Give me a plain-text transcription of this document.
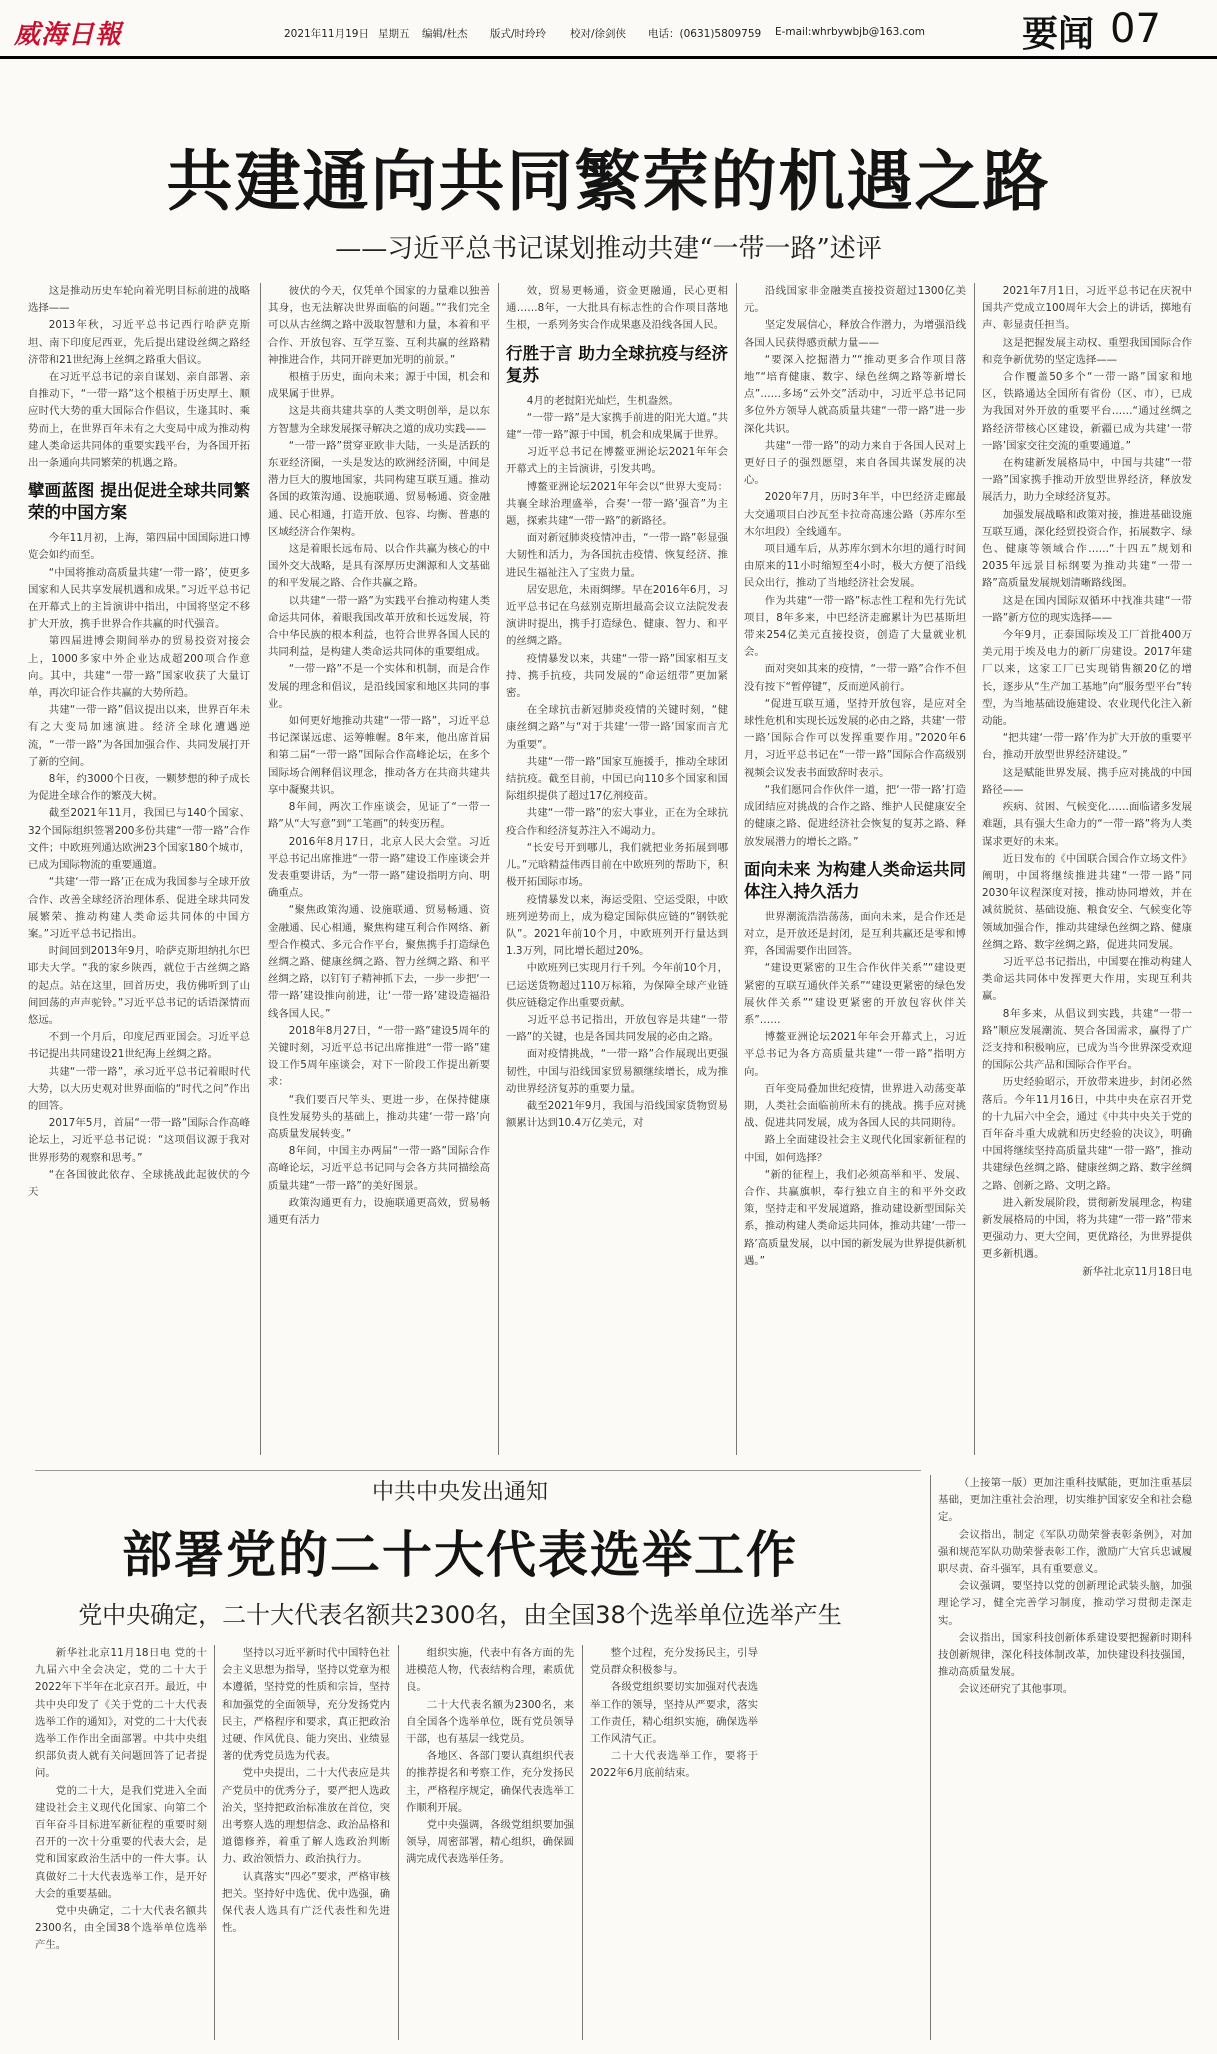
威海日報	2021年11月19日 星期五 编辑/杜杰 版式/时玲玲 校对/徐剑侠 电话：(0631)5809759 E-mail:whrbywbjb@163.com	要闻 07
共建通向共同繁荣的机遇之路
——习近平总书记谋划推动共建“一带一路”述评

这是推动历史车轮向着光明目标前进的战略选择——

2013年秋，习近平总书记西行哈萨克斯坦、南下印度尼西亚，先后提出建设丝绸之路经济带和21世纪海上丝绸之路重大倡议。

在习近平总书记的亲自谋划、亲自部署、亲自推动下，“一带一路”这个根植于历史厚土、顺应时代大势的重大国际合作倡议，生逢其时、乘势而上，在世界百年未有之大变局中成为推动构建人类命运共同体的重要实践平台，为各国开拓出一条通向共同繁荣的机遇之路。

擘画蓝图 提出促进全球共同繁荣的中国方案

今年11月初，上海，第四届中国国际进口博览会如约而至。

“中国将推动高质量共建‘一带一路’，使更多国家和人民共享发展机遇和成果。”习近平总书记在开幕式上的主旨演讲中指出，中国将坚定不移扩大开放，携手世界合作共赢的时代强音。

第四届进博会期间举办的贸易投资对接会上，1000多家中外企业达成超200项合作意向。其中，共建“一带一路”国家收获了大量订单，再次印证合作共赢的大势所趋。

共建“一带一路”倡议提出以来，世界百年未有之大变局加速演进。经济全球化遭遇逆流，“一带一路”为各国加强合作、共同发展打开了新的空间。

8年，约3000个日夜，一颗梦想的种子成长为促进全球合作的繁茂大树。

截至2021年11月，我国已与140个国家、32个国际组织签署200多份共建“一带一路”合作文件；中欧班列通达欧洲23个国家180个城市，已成为国际物流的重要通道。

“共建‘一带一路’正在成为我国参与全球开放合作、改善全球经济治理体系、促进全球共同发展繁荣、推动构建人类命运共同体的中国方案。”习近平总书记指出。

时间回到2013年9月，哈萨克斯坦纳扎尔巴耶夫大学。“我的家乡陕西，就位于古丝绸之路的起点。站在这里，回首历史，我仿佛听到了山间回荡的声声驼铃。”习近平总书记的话语深情而悠远。

不到一个月后，印度尼西亚国会。习近平总书记提出共同建设21世纪海上丝绸之路。

共建“一带一路”，承习近平总书记着眼时代大势，以大历史观对世界面临的“时代之问”作出的回答。

2017年5月，首届“一带一路”国际合作高峰论坛上，习近平总书记说：“这项倡议源于我对世界形势的观察和思考。”

“在各国彼此依存、全球挑战此起彼伏的今天

彼伏的今天，仅凭单个国家的力量难以独善其身，也无法解决世界面临的问题。”“我们完全可以从古丝绸之路中汲取智慧和力量，本着和平合作、开放包容、互学互鉴、互利共赢的丝路精神推进合作，共同开辟更加光明的前景。”

根植于历史，面向未来；源于中国，机会和成果属于世界。

这是共商共建共享的人类文明创举，是以东方智慧为全球发展探寻解决之道的成功实践——

“一带一路”贯穿亚欧非大陆，一头是活跃的东亚经济圈，一头是发达的欧洲经济圈，中间是潜力巨大的腹地国家，共同构建互联互通。推动各国的政策沟通、设施联通、贸易畅通、资金融通、民心相通，打造开放、包容、均衡、普惠的区域经济合作架构。

这是着眼长远布局、以合作共赢为核心的中国外交大战略，是具有深厚历史渊源和人文基础的和平发展之路、合作共赢之路。

以共建“一带一路”为实践平台推动构建人类命运共同体，着眼我国改革开放和长远发展，符合中华民族的根本利益，也符合世界各国人民的共同利益，是构建人类命运共同体的重要组成。

“一带一路”不是一个实体和机制，而是合作发展的理念和倡议，是沿线国家和地区共同的事业。

如何更好地推动共建“一带一路”，习近平总书记深谋远虑、运筹帷幄。8年来，他出席首届和第二届“一带一路”国际合作高峰论坛，在多个国际场合阐释倡议理念，推动各方在共商共建共享中凝聚共识。

8年间，两次工作座谈会，见证了“一带一路”从“大写意”到“工笔画”的转变历程。

2016年8月17日，北京人民大会堂。习近平总书记出席推进“一带一路”建设工作座谈会并发表重要讲话，为“一带一路”建设指明方向、明确重点。

“聚焦政策沟通、设施联通、贸易畅通、资金融通、民心相通，聚焦构建互利合作网络、新型合作模式、多元合作平台，聚焦携手打造绿色丝绸之路、健康丝绸之路、智力丝绸之路、和平丝绸之路，以钉钉子精神抓下去，一步一步把‘一带一路’建设推向前进，让‘一带一路’建设造福沿线各国人民。”

2018年8月27日，“一带一路”建设5周年的关键时刻，习近平总书记出席推进“一带一路”建设工作5周年座谈会，对下一阶段工作提出新要求：

“我们要百尺竿头、更进一步，在保持健康良性发展势头的基础上，推动共建‘一带一路’向高质量发展转变。”

8年间，中国主办两届“一带一路”国际合作高峰论坛，习近平总书记同与会各方共同描绘高质量共建“一带一路”的美好图景。

政策沟通更有力，设施联通更高效，贸易畅通更有活力

效，贸易更畅通，资金更融通，民心更相通……8年，一大批具有标志性的合作项目落地生根，一系列务实合作成果惠及沿线各国人民。

行胜于言 助力全球抗疫与经济复苏

4月的老挝阳光灿烂，生机盎然。

“一带一路”是大家携手前进的阳光大道。”共建“一带一路”源于中国，机会和成果属于世界。

习近平总书记在博鳌亚洲论坛2021年年会开幕式上的主旨演讲，引发共鸣。

博鳌亚洲论坛2021年年会以“世界大变局：共襄全球治理盛举，合奏‘一带一路’强音”为主题，探索共建“一带一路”的新路径。

面对新冠肺炎疫情冲击，“一带一路”彰显强大韧性和活力，为各国抗击疫情、恢复经济、推进民生福祉注入了宝贵力量。

居安思危，未雨绸缪。早在2016年6月，习近平总书记在乌兹别克斯坦最高会议立法院发表演讲时提出，携手打造绿色、健康、智力、和平的丝绸之路。

疫情暴发以来，共建“一带一路”国家相互支持、携手抗疫，共同发展的“命运纽带”更加紧密。

在全球抗击新冠肺炎疫情的关键时刻，“健康丝绸之路”与“对于共建‘一带一路’国家而言尤为重要”。

共建“一带一路”国家互施援手，推动全球团结抗疫。截至目前，中国已向110多个国家和国际组织提供了超过17亿剂疫苗。

共建“一带一路”的宏大事业，正在为全球抗疫合作和经济复苏注入不竭动力。

“长安号开到哪儿，我们就把业务拓展到哪儿。”元晗精益伟西目前在中欧班列的帮助下，积极开拓国际市场。

疫情暴发以来，海运受阻、空运受限，中欧班列逆势而上，成为稳定国际供应链的“钢铁驼队”。2021年前10个月，中欧班列开行量达到1.3万列，同比增长超过20%。

中欧班列已实现月行千列。今年前10个月，已运送货物超过110万标箱，为保障全球产业链供应链稳定作出重要贡献。

习近平总书记指出，开放包容是共建“一带一路”的关键，也是各国共同发展的必由之路。

面对疫情挑战，“一带一路”合作展现出更强韧性，中国与沿线国家贸易额继续增长，成为推动世界经济复苏的重要力量。

截至2021年9月，我国与沿线国家货物贸易额累计达到10.4万亿美元，对

沿线国家非金融类直接投资超过1300亿美元。

坚定发展信心，释放合作潜力，为增强沿线各国人民获得感贡献力量——

“要深入挖掘潜力”“推动更多合作项目落地”“培育健康、数字、绿色丝绸之路等新增长点”……多场“云外交”活动中，习近平总书记同多位外方领导人就高质量共建“一带一路”进一步深化共识。

共建“一带一路”的动力来自于各国人民对上更好日子的强烈愿望，来自各国共谋发展的决心。

2020年7月，历时3年半，中巴经济走廊最大交通项目白沙瓦至卡拉奇高速公路（苏库尔至木尔坦段）全线通车。

项目通车后，从苏库尔到木尔坦的通行时间由原来的11小时缩短至4小时，极大方便了沿线民众出行，推动了当地经济社会发展。

作为共建“一带一路”标志性工程和先行先试项目，8年多来，中巴经济走廊累计为巴基斯坦带来254亿美元直接投资，创造了大量就业机会。

面对突如其来的疫情，“一带一路”合作不但没有按下“暂停键”，反而逆风前行。

“促进互联互通，坚持开放包容，是应对全球性危机和实现长远发展的必由之路，共建‘一带一路’国际合作可以发挥重要作用。”2020年6月，习近平总书记在“一带一路”国际合作高级别视频会议发表书面致辞时表示。

“我们愿同合作伙伴一道，把‘一带一路’打造成团结应对挑战的合作之路、维护人民健康安全的健康之路、促进经济社会恢复的复苏之路、释放发展潜力的增长之路。”

面向未来 为构建人类命运共同体注入持久活力

世界潮流浩浩荡荡，面向未来，是合作还是对立，是开放还是封闭，是互利共赢还是零和博弈，各国需要作出回答。

“建设更紧密的卫生合作伙伴关系”“建设更紧密的互联互通伙伴关系”“建设更紧密的绿色发展伙伴关系”“建设更紧密的开放包容伙伴关系”……

博鳌亚洲论坛2021年年会开幕式上，习近平总书记为各方高质量共建“一带一路”指明方向。

百年变局叠加世纪疫情，世界进入动荡变革期，人类社会面临前所未有的挑战。携手应对挑战、促进共同发展，成为各国人民的共同期待。

路上全面建设社会主义现代化国家新征程的中国，如何选择？

“新的征程上，我们必须高举和平、发展、合作、共赢旗帜，奉行独立自主的和平外交政策，坚持走和平发展道路，推动建设新型国际关系，推动构建人类命运共同体，推动共建‘一带一路’高质量发展，以中国的新发展为世界提供新机遇。”

2021年7月1日，习近平总书记在庆祝中国共产党成立100周年大会上的讲话，掷地有声、彰显责任担当。

这是把握发展主动权、重塑我国国际合作和竞争新优势的坚定选择——

合作覆盖50多个“一带一路”国家和地区，铁路通达全国所有省份（区、市），已成为我国对外开放的重要平台……“通过丝绸之路经济带核心区建设，新疆已成为共建‘一带一路’国家交往交流的重要通道。”

在构建新发展格局中，中国与共建“一带一路”国家携手推动开放型世界经济，释放发展活力，助力全球经济复苏。

加强发展战略和政策对接，推进基础设施互联互通，深化经贸投资合作，拓展数字、绿色、健康等领域合作……“十四五”规划和2035年远景目标纲要为推动共建“一带一路”高质量发展规划清晰路线图。

这是在国内国际双循环中找准共建“一带一路”新方位的现实选择——

今年9月，正泰国际埃及工厂首批400万美元用于埃及电力的新厂房建设。2017年建厂以来，这家工厂已实现销售额20亿的增长，逐步从“生产加工基地”向“服务型平台”转型，为当地基础设施建设、农业现代化注入新动能。

“把共建‘一带一路’作为扩大开放的重要平台，推动开放型世界经济建设。”

这是赋能世界发展、携手应对挑战的中国路径——

疾病、贫困、气候变化……面临诸多发展难题，具有强大生命力的“一带一路”将为人类谋求更好的未来。

近日发布的《中国联合国合作立场文件》阐明，中国将继续推进共建“一带一路”同2030年议程深度对接，推动协同增效，并在减贫脱贫、基础设施、粮食安全、气候变化等领域加强合作，推动共建绿色丝绸之路、健康丝绸之路、数字丝绸之路，促进共同发展。

习近平总书记指出，中国要在推动构建人类命运共同体中发挥更大作用，实现互利共赢。

8年多来，从倡议到实践，共建“一带一路”顺应发展潮流、契合各国需求，赢得了广泛支持和积极响应，已成为当今世界深受欢迎的国际公共产品和国际合作平台。

历史经验昭示，开放带来进步，封闭必然落后。今年11月16日，中共中央在京召开党的十九届六中全会，通过《中共中央关于党的百年奋斗重大成就和历史经验的决议》，明确中国将继续坚持高质量共建“一带一路”，推动共建绿色丝绸之路、健康丝绸之路、数字丝绸之路、创新之路、文明之路。

进入新发展阶段，贯彻新发展理念，构建新发展格局的中国，将为共建“一带一路”带来更强动力、更大空间，更优路径，为世界提供更多新机遇。

新华社北京11月18日电

中共中央发出通知
部署党的二十大代表选举工作
党中央确定，二十大代表名额共2300名，由全国38个选举单位选举产生

新华社北京11月18日电 党的十九届六中全会决定，党的二十大于2022年下半年在北京召开。最近，中共中央印发了《关于党的二十大代表选举工作的通知》，对党的二十大代表选举工作作出全面部署。中共中央组织部负责人就有关问题回答了记者提问。

党的二十大，是我们党进入全面建设社会主义现代化国家、向第二个百年奋斗目标进军新征程的重要时刻召开的一次十分重要的代表大会，是党和国家政治生活中的一件大事。认真做好二十大代表选举工作，是开好大会的重要基础。

党中央确定，二十大代表名额共2300名，由全国38个选举单位选举产生。

坚持以习近平新时代中国特色社会主义思想为指导，坚持以党章为根本遵循，坚持党的性质和宗旨，坚持和加强党的全面领导，充分发扬党内民主，严格程序和要求，真正把政治过硬、作风优良、能力突出、业绩显著的优秀党员选为代表。

党中央提出，二十大代表应是共产党员中的优秀分子，要严把人选政治关，坚持把政治标准放在首位，突出考察人选的理想信念、政治品格和道德修养，着重了解人选政治判断力、政治领悟力、政治执行力。

认真落实“四必”要求，严格审核把关。坚持好中选优、优中选强，确保代表人选具有广泛代表性和先进性。

组织实施，代表中有各方面的先进模范人物，代表结构合理，素质优良。

二十大代表名额为2300名，来自全国各个选举单位，既有党员领导干部，也有基层一线党员。

各地区、各部门要认真组织代表的推荐提名和考察工作，充分发扬民主，严格程序规定，确保代表选举工作顺利开展。

党中央强调，各级党组织要加强领导，周密部署，精心组织，确保圆满完成代表选举任务。

整个过程，充分发扬民主，引导党员群众积极参与。

各级党组织要切实加强对代表选举工作的领导，坚持从严要求，落实工作责任，精心组织实施，确保选举工作风清气正。

二十大代表选举工作，要将于2022年6月底前结束。

（上接第一版）更加注重科技赋能，更加注重基层基础，更加注重社会治理，切实维护国家安全和社会稳定。

会议指出，制定《军队功勋荣誉表彰条例》，对加强和规范军队功勋荣誉表彰工作，激励广大官兵忠诚履职尽责、奋斗强军，具有重要意义。

会议强调，要坚持以党的创新理论武装头脑，加强理论学习，健全完善学习制度，推动学习贯彻走深走实。

会议指出，国家科技创新体系建设要把握新时期科技创新规律，深化科技体制改革，加快建设科技强国，推动高质量发展。

会议还研究了其他事项。
